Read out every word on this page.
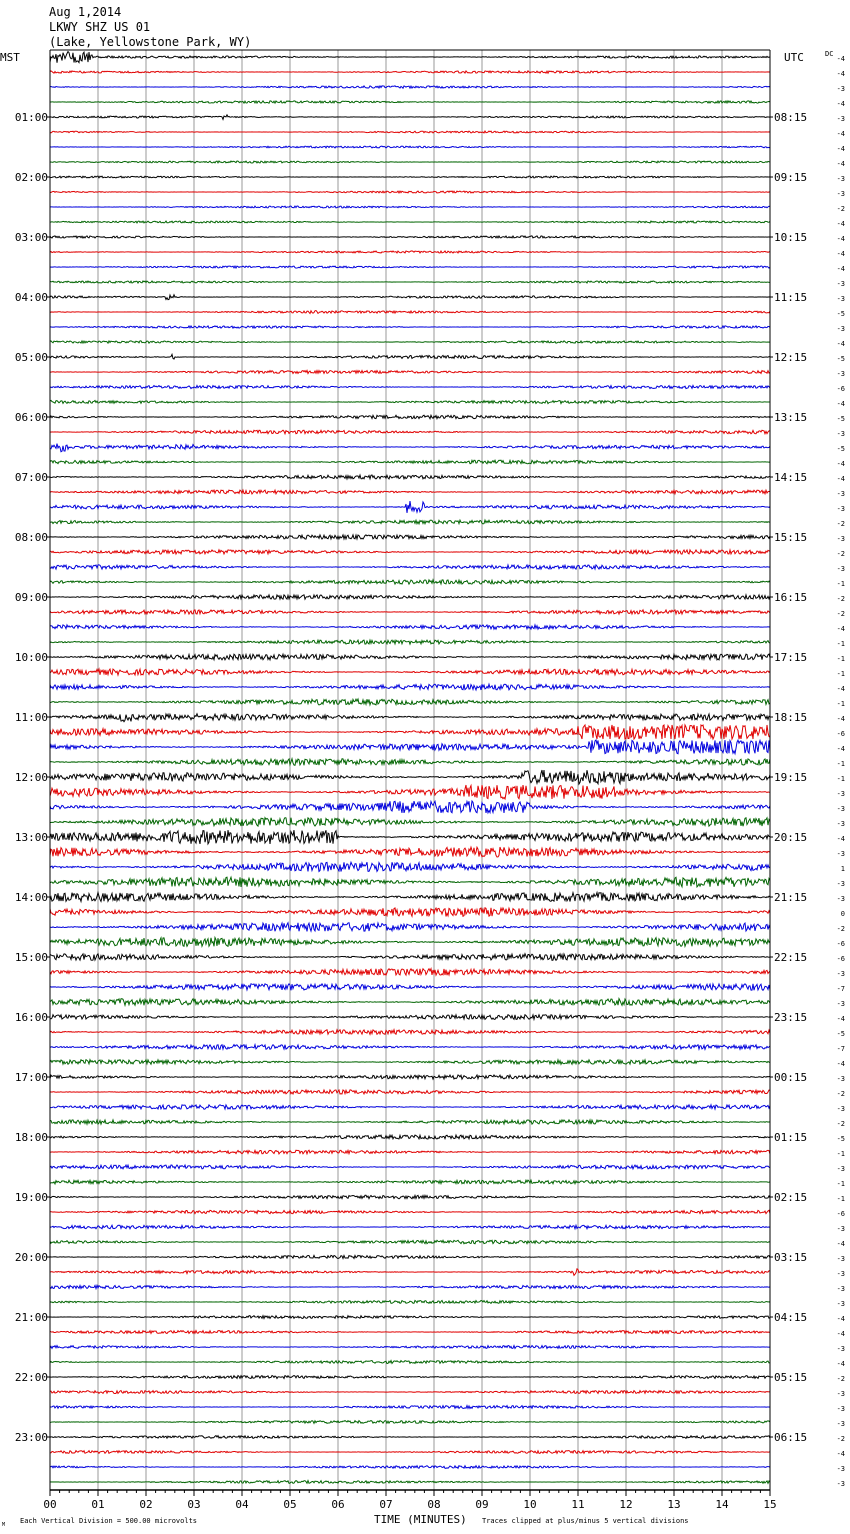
Aug 1,2014
LKWY SHZ US 01
(Lake, Yellowstone Park, WY)
MST	UTC	DC
01:00
02:00
03:00
04:00
05:00
06:00
07:00
08:00
09:00
10:00
11:00
12:00
13:00
14:00
15:00
16:00
17:00
18:00
19:00
20:00
21:00
22:00
23:00
08:15
09:15
10:15
11:15
12:15
13:15
14:15
15:15
16:15
17:15
18:15
19:15
20:15
21:15
22:15
23:15
00:15
01:15
02:15
03:15
04:15
05:15
06:15
-4
-4
-3
-4
-3
-4
-4
-4
-3
-3
-2
-4
-4
-4
-4
-3
-3
-5
-3
-4
-5
-3
-6
-4
-5
-3
-5
-4
-4
-3
-3
-2
-3
-2
-3
-1
-2
-2
-4
-1
-1
-1
-4
-1
-4
-6
-4
-1
-1
-3
-3
-3
-4
-3
1
-3
-3
0
-2
-6
-6
-3
-7
-3
-4
-5
-7
-4
-3
-2
-3
-2
-5
-1
-3
-1
-1
-6
-3
-4
-3
-3
-3
-3
-4
-4
-3
-4
-2
-3
-3
-3
-2
-4
-3
-3
00	01	02	03	04	05	06	07	08	09	10	11	12	13	14	15
TIME (MINUTES)
Each Vertical Division = 500.00 microvolts	Traces clipped at plus/minus 5 vertical divisions
M
